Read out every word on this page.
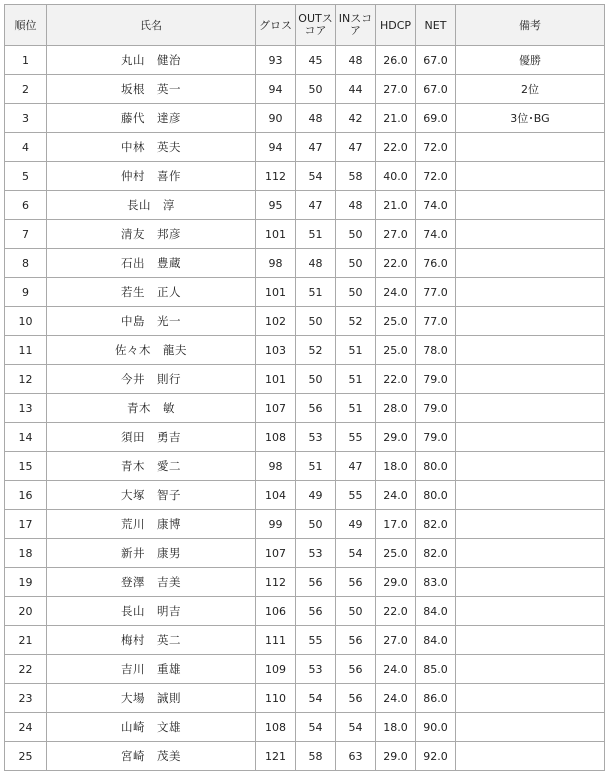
順位	氏名	グロス	OUTスコア	INスコア	HDCP	NET	備考
1	丸山　健治	93	45	48	26.0	67.0	優勝
2	坂根　英一	94	50	44	27.0	67.0	2位
3	藤代　達彦	90	48	42	21.0	69.0	3位･BG
4	中林　英夫	94	47	47	22.0	72.0	
5	仲村　喜作	112	54	58	40.0	72.0	
6	長山　淳	95	47	48	21.0	74.0	
7	清友　邦彦	101	51	50	27.0	74.0	
8	石出　豊蔵	98	48	50	22.0	76.0	
9	若生　正人	101	51	50	24.0	77.0	
10	中島　光一	102	50	52	25.0	77.0	
11	佐々木　龍夫	103	52	51	25.0	78.0	
12	今井　則行	101	50	51	22.0	79.0	
13	青木　敏	107	56	51	28.0	79.0	
14	須田　勇吉	108	53	55	29.0	79.0	
15	青木　愛二	98	51	47	18.0	80.0	
16	大塚　智子	104	49	55	24.0	80.0	
17	荒川　康博	99	50	49	17.0	82.0	
18	新井　康男	107	53	54	25.0	82.0	
19	登澤　吉美	112	56	56	29.0	83.0	
20	長山　明吉	106	56	50	22.0	84.0	
21	梅村　英二	111	55	56	27.0	84.0	
22	吉川　重雄	109	53	56	24.0	85.0	
23	大場　誠則	110	54	56	24.0	86.0	
24	山崎　文雄	108	54	54	18.0	90.0	
25	宮崎　茂美	121	58	63	29.0	92.0	
